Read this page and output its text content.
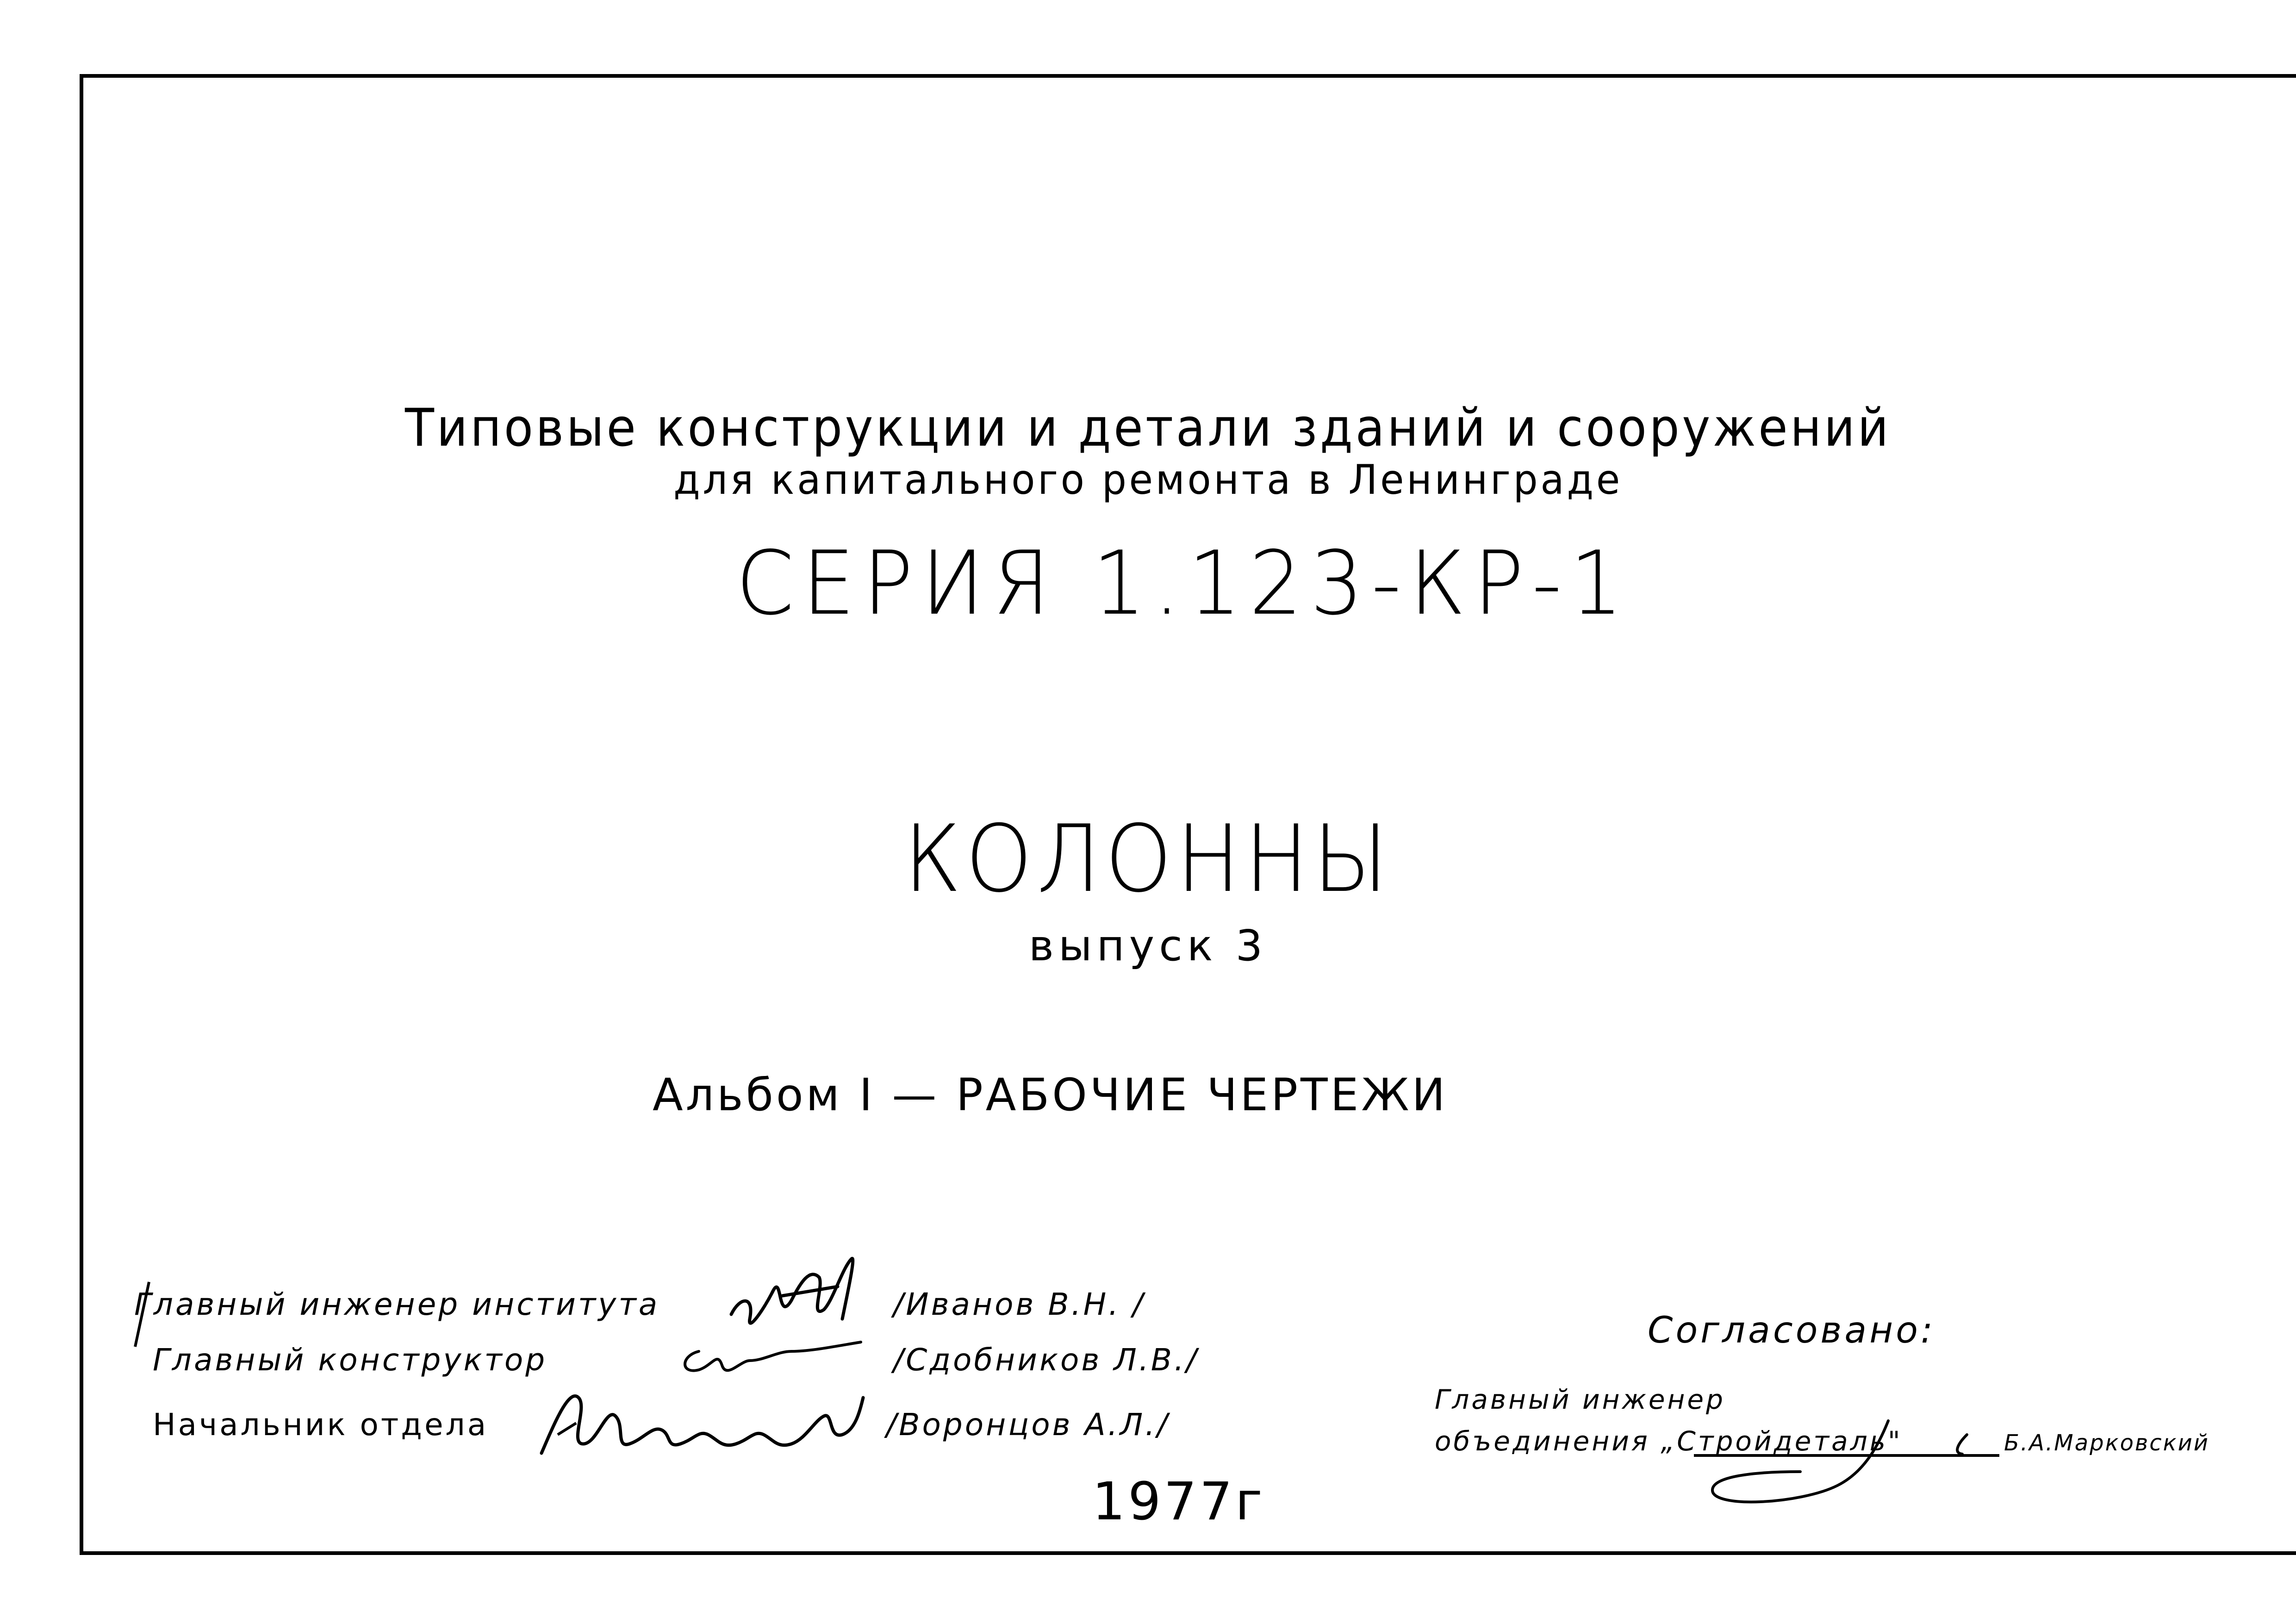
Типовые конструкции и детали зданий и сооружений
для капитального ремонта в Ленинграде
СЕРИЯ 1.123-КР-1
КОЛОННЫ
выпуск 3
Альбом I — РАБОЧИЕ ЧЕРТЕЖИ
Главный инженер института	/Иванов В.Н. /
Главный конструктор	/Сдобников Л.В./
Начальник отдела	/Воронцов А.Л./
Согласовано:
Главный инженер
объединения „Стройдеталь"	Б.А.Марковский
1977г
